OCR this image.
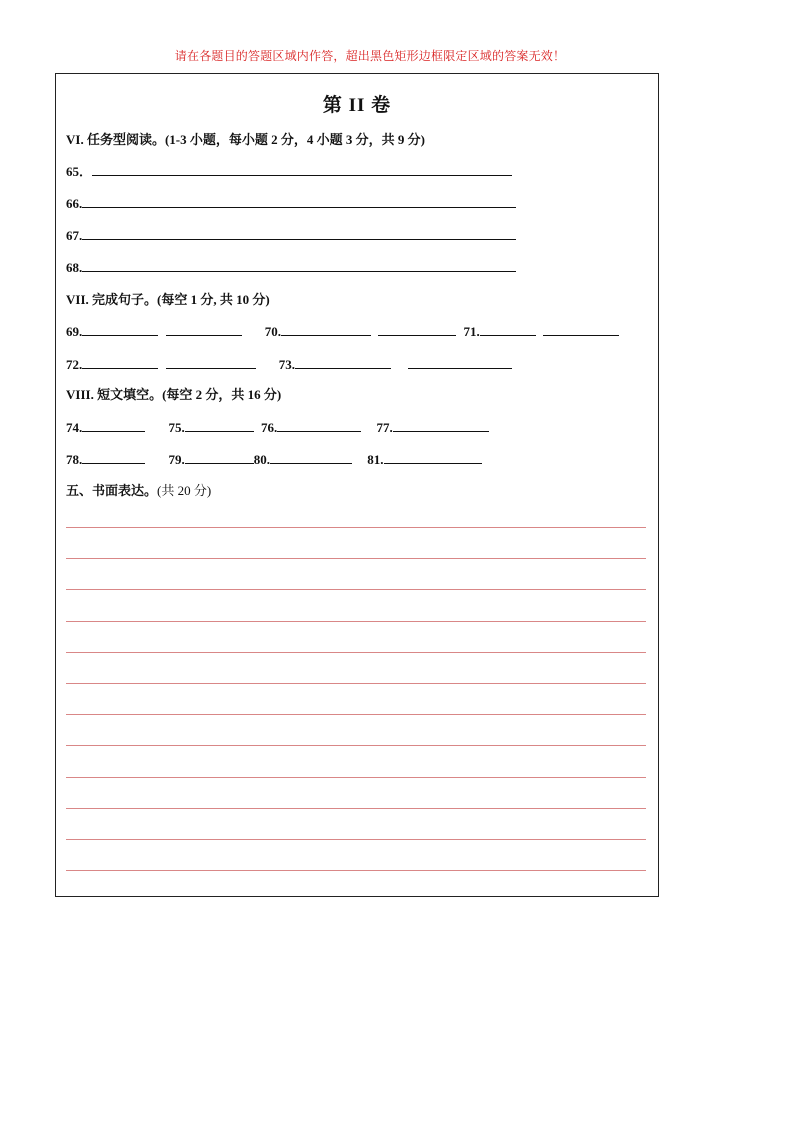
请在各题目的答题区域内作答，超出黑色矩形边框限定区域的答案无效！
第 II 卷
VI. 任务型阅读。(1-3 小题，每小题 2 分，4 小题 3 分，共 9 分)
65．
66.
67.
68.
VII. 完成句子。(每空 1 分, 共 10 分)
69.	70.	71.
72.	73.
VIII. 短文填空。(每空 2 分，共 16 分)
74.	75.	76.	77.
78.	79.	80.	81.
五、书面表达。(共 20 分)
